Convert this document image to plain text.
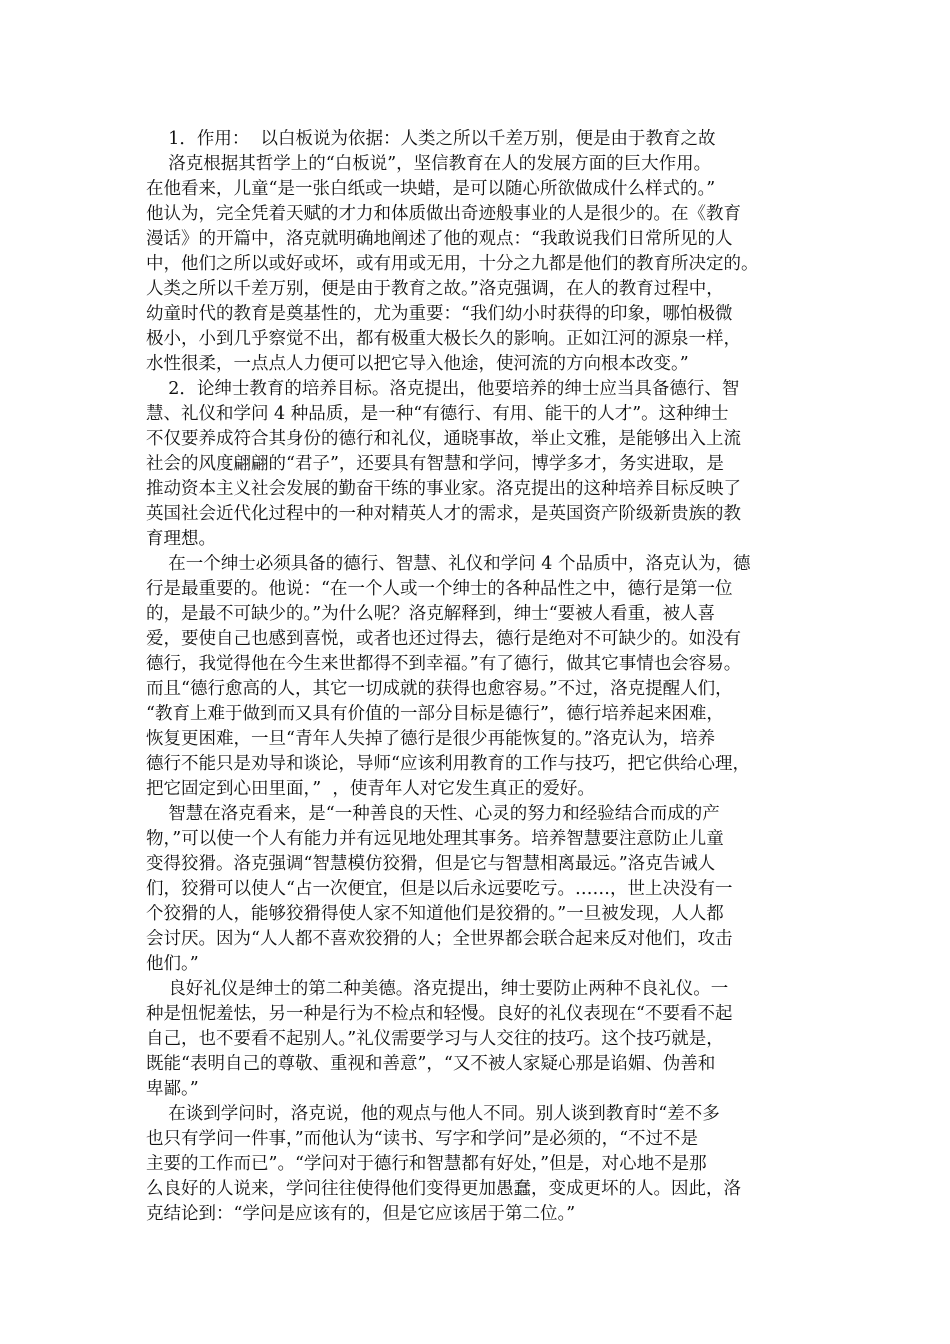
1．作用：  以白板说为依据：人类之所以千差万别，便是由于教育之故
洛克根据其哲学上的“白板说”，坚信教育在人的发展方面的巨大作用。
在他看来，儿童“是一张白纸或一块蜡，是可以随心所欲做成什么样式的。”
他认为，完全凭着天赋的才力和体质做出奇迹般事业的人是很少的。在《教育
漫话》的开篇中，洛克就明确地阐述了他的观点：“我敢说我们日常所见的人
中，他们之所以或好或坏，或有用或无用，十分之九都是他们的教育所决定的。
人类之所以千差万别，便是由于教育之故。”洛克强调，在人的教育过程中，
幼童时代的教育是奠基性的，尤为重要：“我们幼小时获得的印象，哪怕极微
极小，小到几乎察觉不出，都有极重大极长久的影响。正如江河的源泉一样，
水性很柔，一点点人力便可以把它导入他途，使河流的方向根本改变。”
2．论绅士教育的培养目标。洛克提出，他要培养的绅士应当具备德行、智
慧、礼仪和学问 4 种品质，是一种“有德行、有用、能干的人才”。这种绅士
不仅要养成符合其身份的德行和礼仪，通晓事故，举止文雅，是能够出入上流
社会的风度翩翩的“君子”，还要具有智慧和学问，博学多才，务实进取，是
推动资本主义社会发展的勤奋干练的事业家。洛克提出的这种培养目标反映了
英国社会近代化过程中的一种对精英人才的需求，是英国资产阶级新贵族的教
育理想。
在一个绅士必须具备的德行、智慧、礼仪和学问 4 个品质中，洛克认为，德
行是最重要的。他说：“在一个人或一个绅士的各种品性之中，德行是第一位
的，是最不可缺少的。”为什么呢？洛克解释到，绅士“要被人看重，被人喜
爱，要使自己也感到喜悦，或者也还过得去，德行是绝对不可缺少的。如没有
德行，我觉得他在今生来世都得不到幸福。”有了德行，做其它事情也会容易。
而且“德行愈高的人，其它一切成就的获得也愈容易。”不过，洛克提醒人们，
“教育上难于做到而又具有价值的一部分目标是德行”，德行培养起来困难，
恢复更困难，一旦“青年人失掉了德行是很少再能恢复的。”洛克认为，培养
德行不能只是劝导和谈论，导师“应该利用教育的工作与技巧，把它供给心理，
把它固定到心田里面，”  ，使青年人对它发生真正的爱好。
智慧在洛克看来，是“一种善良的天性、心灵的努力和经验结合而成的产
物，”可以使一个人有能力并有远见地处理其事务。培养智慧要注意防止儿童
变得狡猾。洛克强调“智慧模仿狡猾，但是它与智慧相离最远。”洛克告诫人
们，狡猾可以使人“占一次便宜，但是以后永远要吃亏。……，世上决没有一
个狡猾的人，能够狡猾得使人家不知道他们是狡猾的。”一旦被发现，人人都
会讨厌。因为“人人都不喜欢狡猾的人；全世界都会联合起来反对他们，攻击
他们。”
良好礼仪是绅士的第二种美德。洛克提出，绅士要防止两种不良礼仪。一
种是忸怩羞怯，另一种是行为不检点和轻慢。良好的礼仪表现在“不要看不起
自己，也不要看不起别人。”礼仪需要学习与人交往的技巧。这个技巧就是，
既能“表明自己的尊敬、重视和善意”，“又不被人家疑心那是谄媚、伪善和
卑鄙。”
在谈到学问时，洛克说，他的观点与他人不同。别人谈到教育时“差不多
也只有学问一件事，”而他认为“读书、写字和学问”是必须的，“不过不是
主要的工作而已”。“学问对于德行和智慧都有好处，”但是，对心地不是那
么良好的人说来，学问往往使得他们变得更加愚蠢，变成更坏的人。因此，洛
克结论到：“学问是应该有的，但是它应该居于第二位。”
